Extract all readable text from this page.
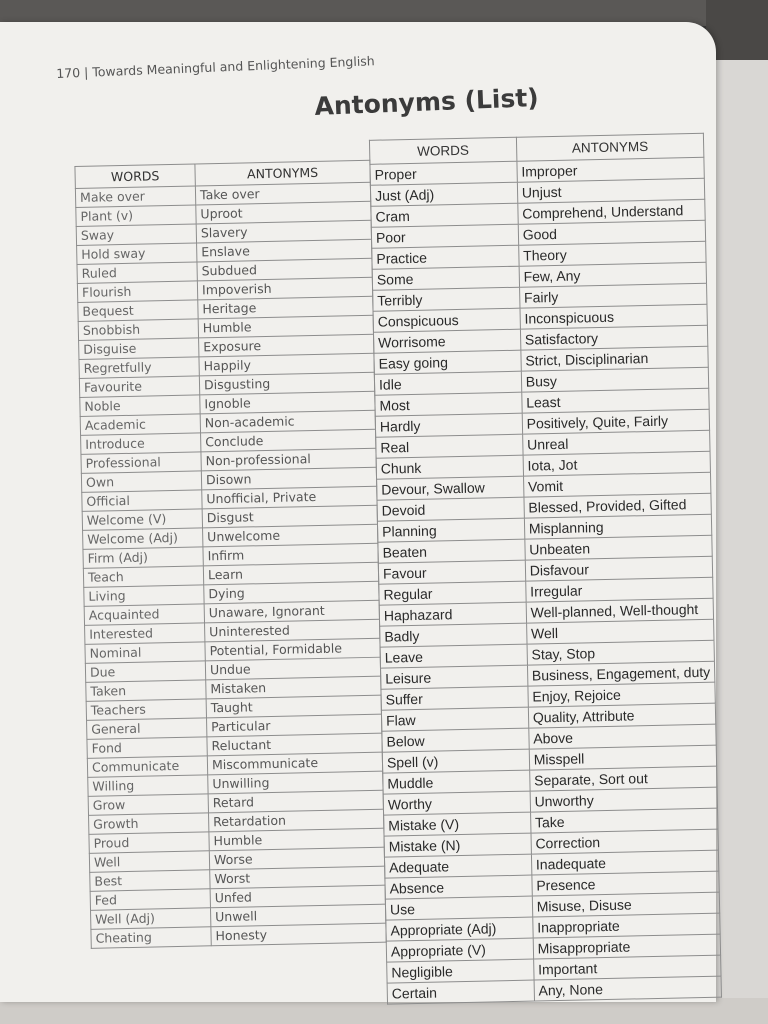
170 | Towards Meaningful and Enlightening English
Antonyms (List)
WORDS	ANTONYMS
Make over	Take over
Plant (v)	Uproot
Sway	Slavery
Hold sway	Enslave
Ruled	Subdued
Flourish	Impoverish
Bequest	Heritage
Snobbish	Humble
Disguise	Exposure
Regretfully	Happily
Favourite	Disgusting
Noble	Ignoble
Academic	Non-academic
Introduce	Conclude
Professional	Non-professional
Own	Disown
Official	Unofficial, Private
Welcome (V)	Disgust
Welcome (Adj)	Unwelcome
Firm (Adj)	Infirm
Teach	Learn
Living	Dying
Acquainted	Unaware, Ignorant
Interested	Uninterested
Nominal	Potential, Formidable
Due	Undue
Taken	Mistaken
Teachers	Taught
General	Particular
Fond	Reluctant
Communicate	Miscommunicate
Willing	Unwilling
Grow	Retard
Growth	Retardation
Proud	Humble
Well	Worse
Best	Worst
Fed	Unfed
Well (Adj)	Unwell
Cheating	Honesty
WORDS	ANTONYMS
Proper	Improper
Just (Adj)	Unjust
Cram	Comprehend, Understand
Poor	Good
Practice	Theory
Some	Few, Any
Terribly	Fairly
Conspicuous	Inconspicuous
Worrisome	Satisfactory
Easy going	Strict, Disciplinarian
Idle	Busy
Most	Least
Hardly	Positively, Quite, Fairly
Real	Unreal
Chunk	Iota, Jot
Devour, Swallow	Vomit
Devoid	Blessed, Provided, Gifted
Planning	Misplanning
Beaten	Unbeaten
Favour	Disfavour
Regular	Irregular
Haphazard	Well-planned, Well-thought
Badly	Well
Leave	Stay, Stop
Leisure	Business, Engagement, duty
Suffer	Enjoy, Rejoice
Flaw	Quality, Attribute
Below	Above
Spell (v)	Misspell
Muddle	Separate, Sort out
Worthy	Unworthy
Mistake (V)	Take
Mistake (N)	Correction
Adequate	Inadequate
Absence	Presence
Use	Misuse, Disuse
Appropriate (Adj)	Inappropriate
Appropriate (V)	Misappropriate
Negligible	Important
Certain	Any, None
